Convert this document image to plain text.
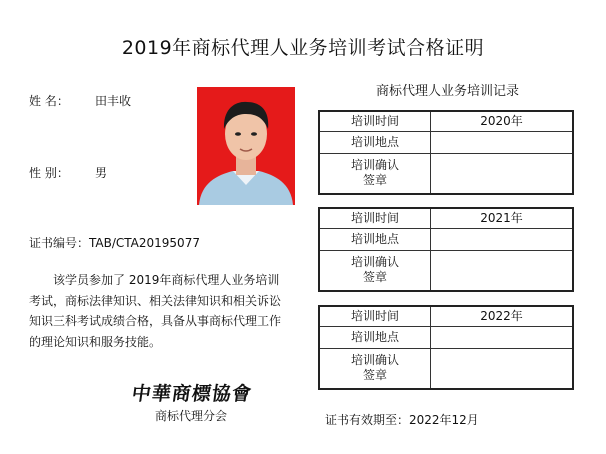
2019年商标代理人业务培训考试合格证明
姓 名： 田丰收
性 别： 男
证书编号：TAB/CTA20195077
该学员参加了 2019年商标代理人业务培训考试，商标法律知识、相关法律知识和相关诉讼知识三科考试成绩合格，具备从事商标代理工作的理论知识和服务技能。
中華商標協會
商标代理分会
商标代理人业务培训记录
培训时间	2020年
培训地点	

培训确认签章	

培训时间	2021年
培训地点	

培训确认签章	

培训时间	2022年
培训地点	

培训确认签章	

证书有效期至：2022年12月
